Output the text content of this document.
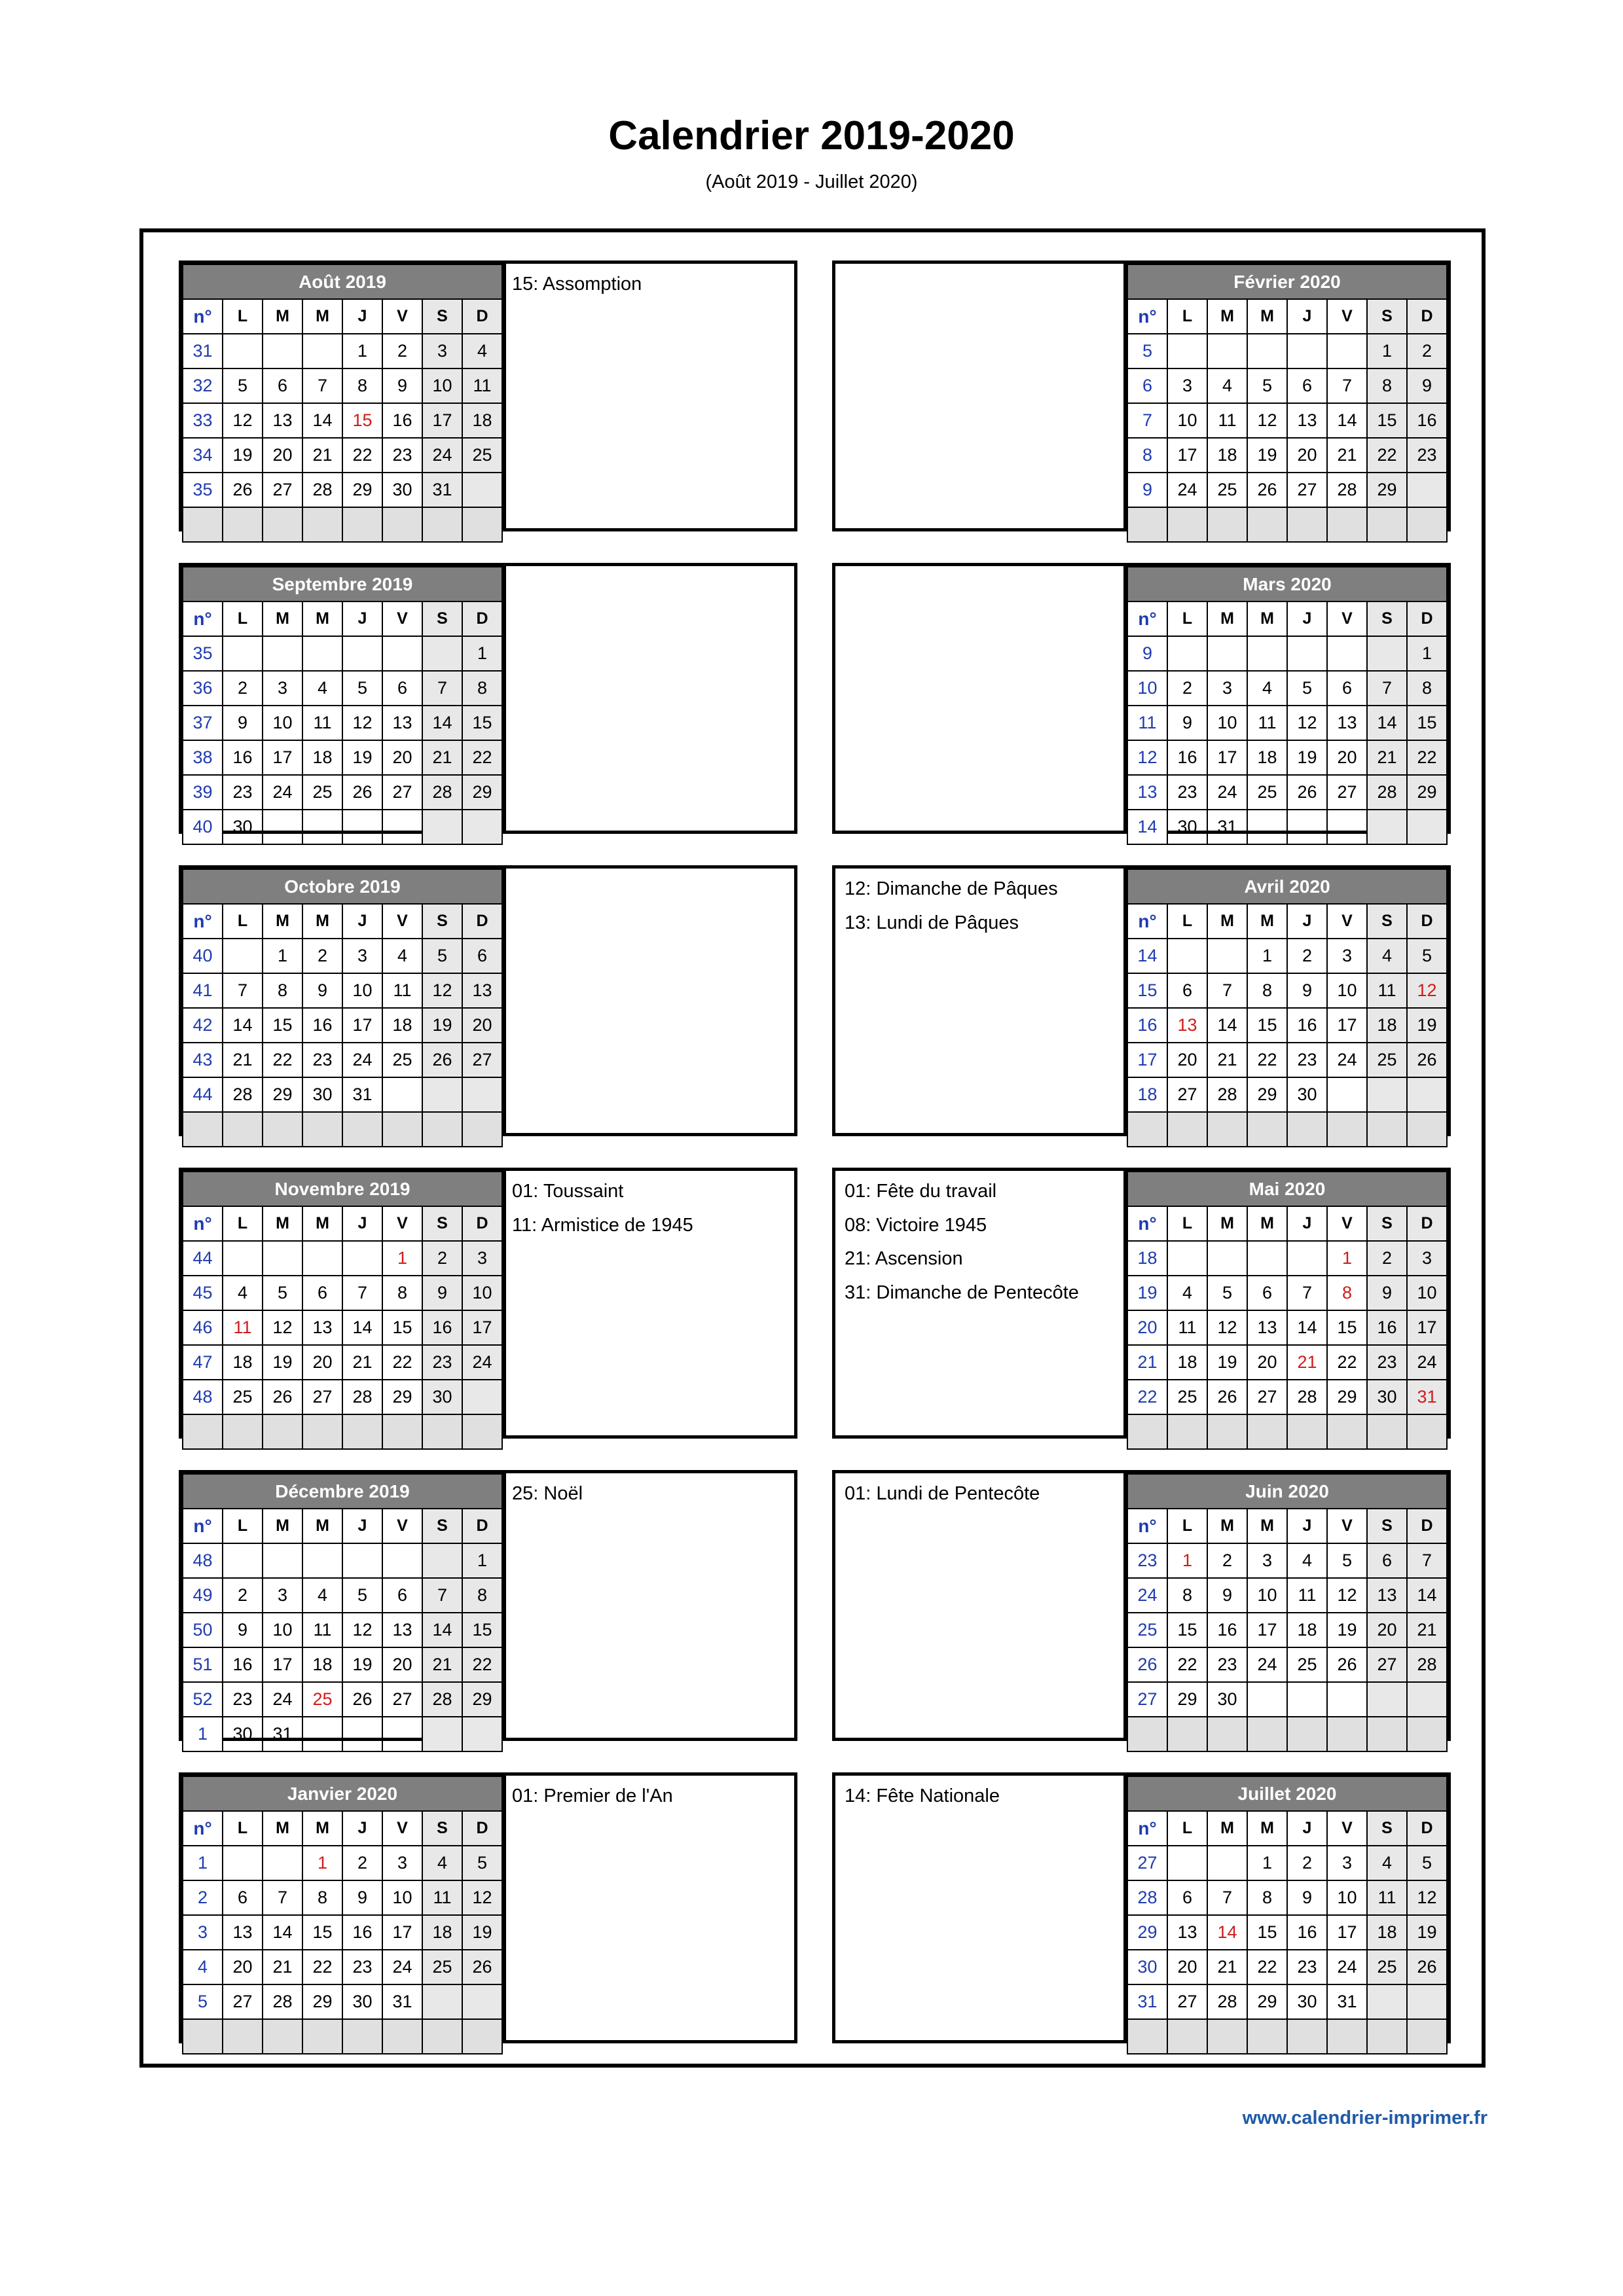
Calendrier 2019-2020
(Août 2019 - Juillet 2020)
Août 2019							
n°	L	M	M	J	V	S	D
31				1	2	3	4
32	5	6	7	8	9	10	11
33	12	13	14	15	16	17	18
34	19	20	21	22	23	24	25
35	26	27	28	29	30	31	

15: Assomption	Février 2020							
n°	L	M	M	J	V	S	D
5						1	2
6	3	4	5	6	7	8	9
7	10	11	12	13	14	15	16
8	17	18	19	20	21	22	23
9	24	25	26	27	28	29	

Septembre 2019							
n°	L	M	M	J	V	S	D
35							1
36	2	3	4	5	6	7	8
37	9	10	11	12	13	14	15
38	16	17	18	19	20	21	22
39	23	24	25	26	27	28	29
40	30						
Mars 2020							
n°	L	M	M	J	V	S	D
9							1
10	2	3	4	5	6	7	8
11	9	10	11	12	13	14	15
12	16	17	18	19	20	21	22
13	23	24	25	26	27	28	29
14	30	31					
Octobre 2019							
n°	L	M	M	J	V	S	D
40		1	2	3	4	5	6
41	7	8	9	10	11	12	13
42	14	15	16	17	18	19	20
43	21	22	23	24	25	26	27
44	28	29	30	31			

Avril 2020							
n°	L	M	M	J	V	S	D
14			1	2	3	4	5
15	6	7	8	9	10	11	12
16	13	14	15	16	17	18	19
17	20	21	22	23	24	25	26
18	27	28	29	30			

12: Dimanche de Pâques
13: Lundi de Pâques
Novembre 2019							
n°	L	M	M	J	V	S	D
44					1	2	3
45	4	5	6	7	8	9	10
46	11	12	13	14	15	16	17
47	18	19	20	21	22	23	24
48	25	26	27	28	29	30	

01: Toussaint
11: Armistice de 1945
Mai 2020							
n°	L	M	M	J	V	S	D
18					1	2	3
19	4	5	6	7	8	9	10
20	11	12	13	14	15	16	17
21	18	19	20	21	22	23	24
22	25	26	27	28	29	30	31

01: Fête du travail
08: Victoire 1945
21: Ascension
31: Dimanche de Pentecôte
Décembre 2019							
n°	L	M	M	J	V	S	D
48							1
49	2	3	4	5	6	7	8
50	9	10	11	12	13	14	15
51	16	17	18	19	20	21	22
52	23	24	25	26	27	28	29
1	30	31					
25: Noël	Juin 2020							
n°	L	M	M	J	V	S	D
23	1	2	3	4	5	6	7
24	8	9	10	11	12	13	14
25	15	16	17	18	19	20	21
26	22	23	24	25	26	27	28
27	29	30					

01: Lundi de Pentecôte
Janvier 2020							
n°	L	M	M	J	V	S	D
1			1	2	3	4	5
2	6	7	8	9	10	11	12
3	13	14	15	16	17	18	19
4	20	21	22	23	24	25	26
5	27	28	29	30	31		

01: Premier de l'An	Juillet 2020							
n°	L	M	M	J	V	S	D
27			1	2	3	4	5
28	6	7	8	9	10	11	12
29	13	14	15	16	17	18	19
30	20	21	22	23	24	25	26
31	27	28	29	30	31		

14: Fête Nationale
www.calendrier-imprimer.fr
